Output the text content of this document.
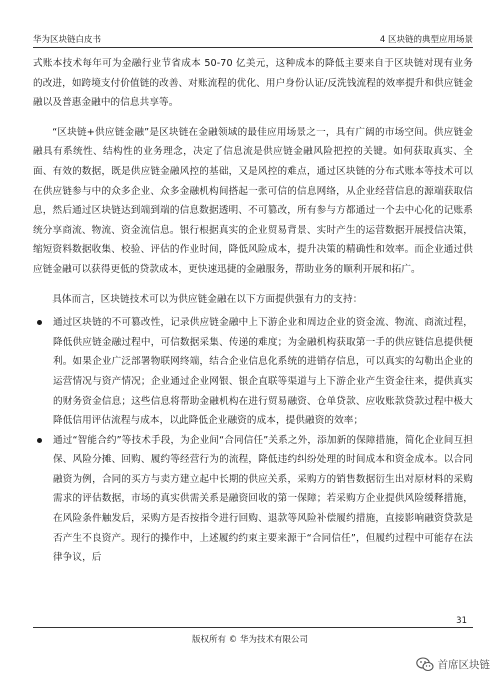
华为区块链白皮书	4 区块链的典型应用场景

式账本技术每年可为金融行业节省成本 50-70 亿美元，这种成本的降低主要来自于区块链对现有业务的改进，如跨境支付价值链的改善、对账流程的优化、用户身份认证/反洗钱流程的效率提升和供应链金融以及普惠金融中的信息共享等。

“区块链+供应链金融”是区块链在金融领域的最佳应用场景之一，具有广阔的市场空间。供应链金融具有系统性、结构性的业务理念，决定了信息流是供应链金融风险把控的关键。如何获取真实、全面、有效的数据，既是供应链金融风控的基础，又是风控的难点，通过区块链的分布式账本等技术可以在供应链参与中的众多企业、众多金融机构间搭起一张可信的信息网络，从企业经营信息的源端获取信息，然后通过区块链达到端到端的信息数据透明、不可篡改，所有参与方都通过一个去中心化的记账系统分享商流、物流、资金流信息。银行根据真实的企业贸易背景、实时产生的运营数据开展授信决策，缩短资料数据收集、校验、评估的作业时间，降低风险成本，提升决策的精确性和效率。而企业通过供应链金融可以获得更低的贷款成本，更快速迅捷的金融服务，帮助业务的顺利开展和拓广。

具体而言，区块链技术可以为供应链金融在以下方面提供强有力的支持：

通过区块链的不可篡改性，记录供应链金融中上下游企业和周边企业的资金流、物流、商流过程，降低供应链金融过程中，可信数据采集、传递的难度；为金融机构获取第一手的供应链信息提供便利。如果企业广泛部署物联网终端，结合企业信息化系统的进销存信息，可以真实的勾勒出企业的运营情况与资产情况；企业通过企业网银、银企直联等渠道与上下游企业产生资金往来，提供真实的财务资金信息；这些信息将帮助金融机构在进行贸易融资、仓单贷款、应收账款贷款过程中极大降低信用评估流程与成本，以此降低企业融资的成本，提供融资的效率；
通过“智能合约”等技术手段，为企业间“合同信任”关系之外，添加新的保障措施，简化企业间互担保、风险分摊、回购、履约等经营行为的流程，降低违约纠纷处理的时间成本和资金成本。以合同融资为例，合同的买方与卖方建立起中长期的供应关系，采购方的销售数据衍生出对原材料的采购需求的评估数据，市场的真实供需关系是融资回收的第一保障；若采购方企业提供风险缓释措施，在风险条件触发后，采购方是否按指令进行回购、退款等风险补偿履约措施，直接影响融资贷款是否产生不良资产。现行的操作中，上述履约约束主要来源于“合同信任”，但履约过程中可能存在法律争议，后
31
版权所有 © 华为技术有限公司
首席区块链
